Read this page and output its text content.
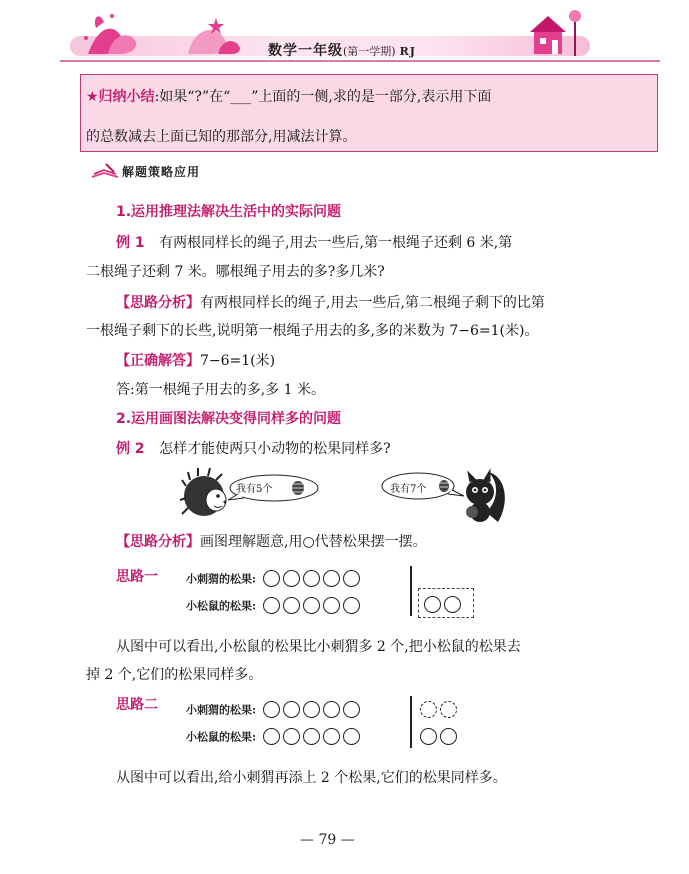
数学一年级(第一学期) RJ
★归纳小结:如果“?”在“___”上面的一侧,求的是一部分,表示用下面
的总数减去上面已知的那部分,用减法计算。
解题策略应用
1.运用推理法解决生活中的实际问题
例 1 有两根同样长的绳子,用去一些后,第一根绳子还剩 6 米,第
二根绳子还剩 7 米。哪根绳子用去的多?多几米?
【思路分析】有两根同样长的绳子,用去一些后,第二根绳子剩下的比第
一根绳子剩下的长些,说明第一根绳子用去的多,多的米数为 7−6=1(米)。
【正确解答】7−6=1(米)
答:第一根绳子用去的多,多 1 米。
2.运用画图法解决变得同样多的问题
例 2 怎样才能使两只小动物的松果同样多?
我有5个	我有7个
【思路分析】画图理解题意,用○代替松果摆一摆。
思路一	小刺猬的松果:
小松鼠的松果:
从图中可以看出,小松鼠的松果比小刺猬多 2 个,把小松鼠的松果去
掉 2 个,它们的松果同样多。
思路二	小刺猬的松果:
小松鼠的松果:
从图中可以看出,给小刺猬再添上 2 个松果,它们的松果同样多。
— 79 —
